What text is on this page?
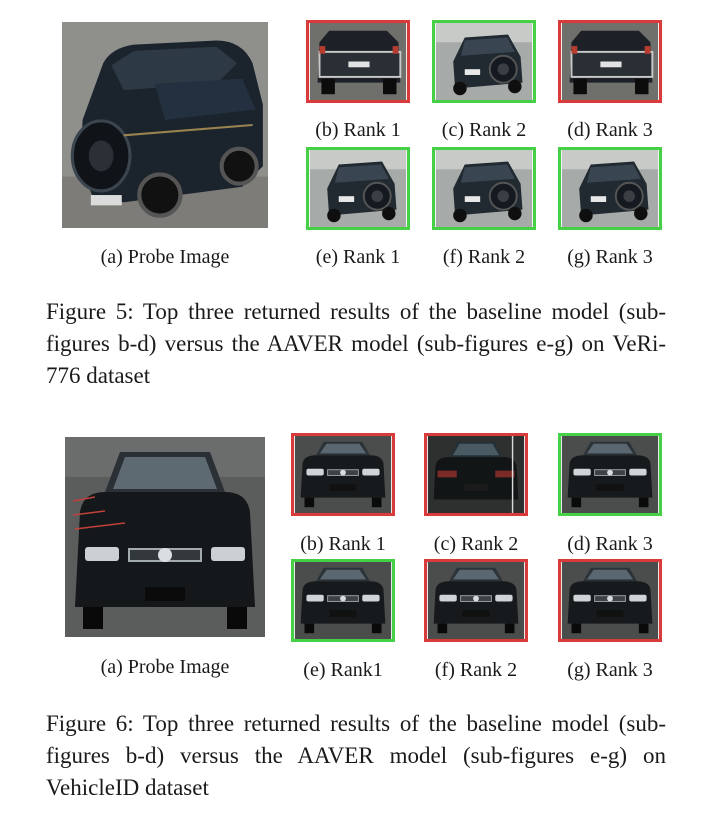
(b) Rank 1	(c) Rank 2	(d) Rank 3
(a) Probe Image	(e) Rank 1	(f) Rank 2	(g) Rank 3
Figure 5: Top three returned results of the baseline model (sub-figures b-d) versus the AAVER model (sub-figures e-g) on VeRi-776 dataset
(b) Rank 1	(c) Rank 2	(d) Rank 3
(a) Probe Image	(e) Rank1	(f) Rank 2	(g) Rank 3
Figure 6: Top three returned results of the baseline model (sub-figures b-d) versus the AAVER model (sub-figures e-g) on VehicleID dataset
